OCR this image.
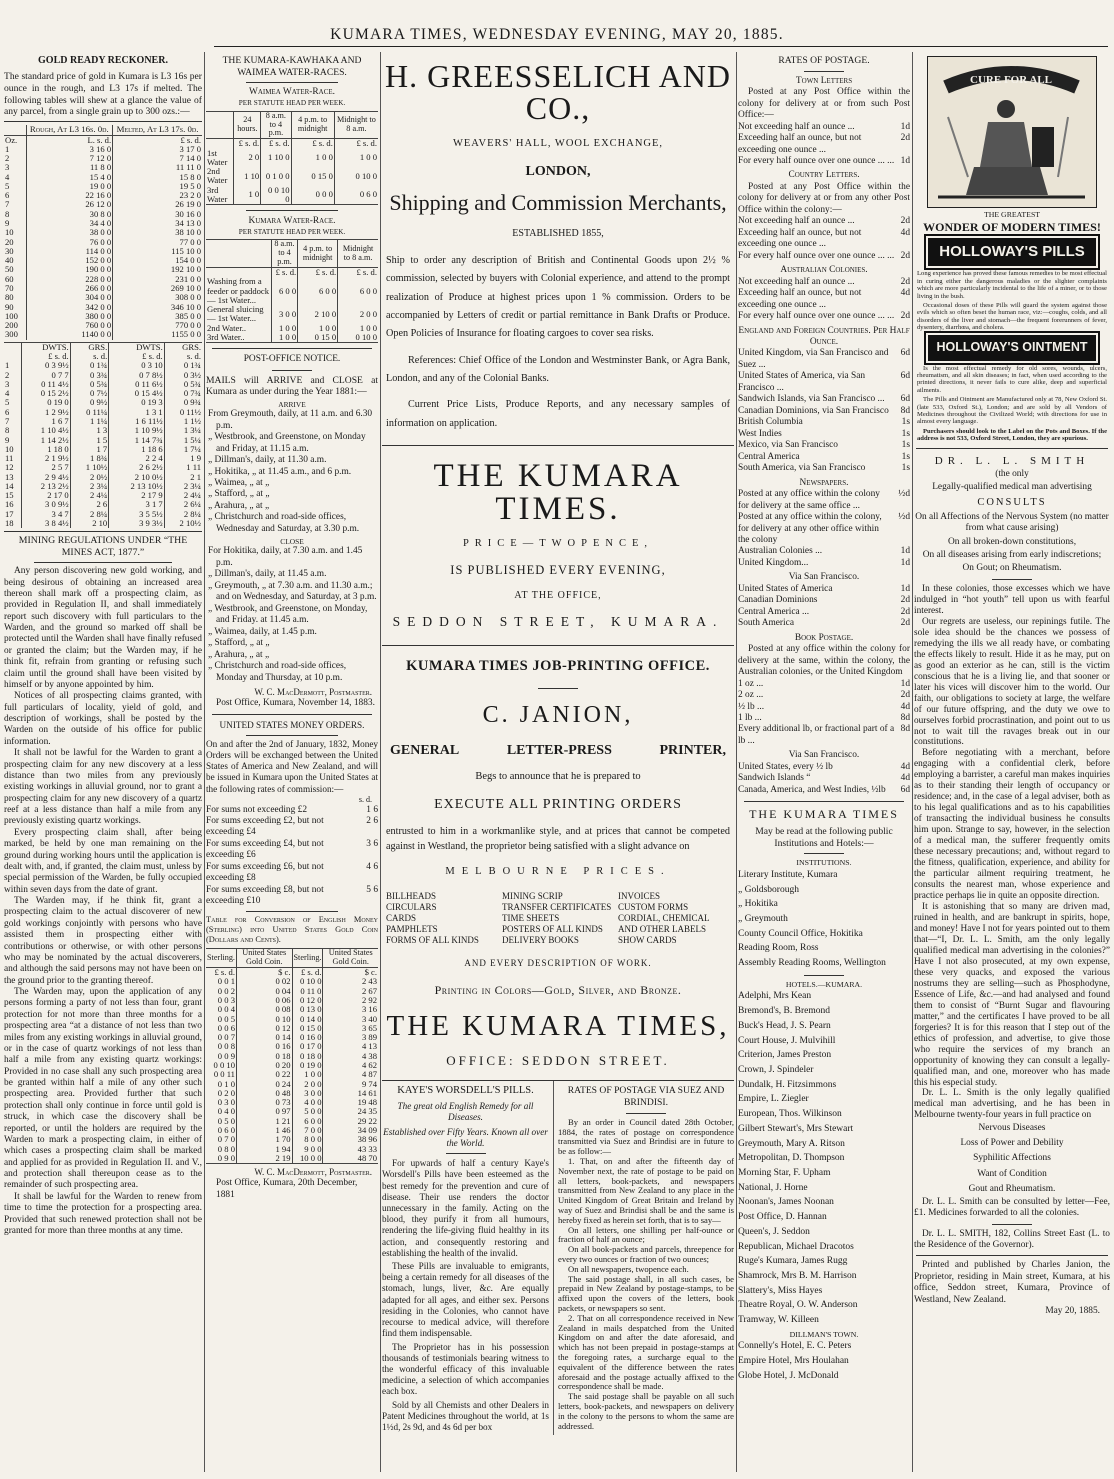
KUMARA TIMES, WEDNESDAY EVENING, MAY 20, 1885.
GOLD READY RECKONER.
The standard price of gold in Kumara is L3 16s per ounce in the rough, and L3 17s if melted. The following tables will shew at a glance the value of any parcel, from a single grain up to 300 ozs.:—
	Rough, At L3 16s. 0d.	Melted, At L3 17s. 0d.
Oz.	L. s. d.	£ s. d.
1	3 16 0	3 17 0
2	7 12 0	7 14 0
3	11 8 0	11 11 0
4	15 4 0	15 8 0
5	19 0 0	19 5 0
6	22 16 0	23 2 0
7	26 12 0	26 19 0
8	30 8 0	30 16 0
9	34 4 0	34 13 0
10	38 0 0	38 10 0
20	76 0 0	77 0 0
30	114 0 0	115 10 0
40	152 0 0	154 0 0
50	190 0 0	192 10 0
60	228 0 0	231 0 0
70	266 0 0	269 10 0
80	304 0 0	308 0 0
90	342 0 0	346 10 0
100	380 0 0	385 0 0
200	760 0 0	770 0 0
300	1140 0 0	1155 0 0
	DWTS.	GRS.	DWTS.	GRS.
	£ s. d.	s. d.	£ s. d.	s. d.
1	0 3 9½	0 1¾	0 3 10	0 1¾
2	0 7 7	0 3¾	0 7 8½	0 3½
3	0 11 4½	0 5¾	0 11 6½	0 5¾
4	0 15 2½	0 7½	0 15 4½	0 7¾
5	0 19 0	0 9½	0 19 3	0 9¾
6	1 2 9½	0 11¼	1 3 1	0 11½
7	1 6 7	1 1¼	1 6 11½	1 1½
8	1 10 4½	1 3	1 10 9½	1 3¼
9	1 14 2½	1 5	1 14 7¾	1 5¼
10	1 18 0	1 7	1 18 6	1 7¼
11	2 1 9½	1 8¾	2 2 4	1 9
12	2 5 7	1 10½	2 6 2½	1 11
13	2 9 4½	2 0½	2 10 0½	2 1
14	2 13 2½	2 3¼	2 13 10½	2 3¼
15	2 17 0	2 4¼	2 17 9	2 4¼
16	3 0 9½	2 6	3 1 7	2 6¼
17	3 4 7	2 8¼	3 5 5½	2 8¼
18	3 8 4½	2 10	3 9 3½	2 10½
MINING REGULATIONS UNDER “THE MINES ACT, 1877.”
Any person discovering new gold working, and being desirous of obtaining an increased area thereon shall mark off a prospecting claim, as provided in Regulation II, and shall immediately report such discovery with full particulars to the Warden, and the ground so marked off shall be protected until the Warden shall have finally refused or granted the claim; but the Warden may, if he think fit, refrain from granting or refusing such claim until the ground shall have been visited by himself or by anyone appointed by him.
Notices of all prospecting claims granted, with full particulars of locality, yield of gold, and description of workings, shall be posted by the Warden on the outside of his office for public information.
It shall not be lawful for the Warden to grant a prospecting claim for any new discovery at a less distance than two miles from any previously existing workings in alluvial ground, nor to grant a prospecting claim for any new discovery of a quartz reef at a less distance than half a mile from any previously existing quartz workings.
Every prospecting claim shall, after being marked, be held by one man remaining on the ground during working hours until the application is dealt with, and, if granted, the claim must, unless by special permission of the Warden, be fully occupied within seven days from the date of grant.
The Warden may, if he think fit, grant a prospecting claim to the actual discoverer of new gold workings conjointly with persons who have assisted them in prospecting either with contributions or otherwise, or with other persons who may be nominated by the actual discoverers, and although the said persons may not have been on the ground prior to the granting thereof.
The Warden may, upon the application of any persons forming a party of not less than four, grant protection for not more than three months for a prospecting area “at a distance of not less than two miles from any existing workings in alluvial ground, or in the case of quartz workings of not less than half a mile from any existing quartz workings: Provided in no case shall any such prospecting area be granted within half a mile of any other such prospecting area. Provided further that such protection shall only continue in force until gold is struck, in which case the discovery shall be reported, or until the holders are required by the Warden to mark a prospecting claim, in either of which cases a prospecting claim shall be marked and applied for as provided in Regulation II. and V., and protection shall thereupon cease as to the remainder of such prospecting area.
It shall be lawful for the Warden to renew from time to time the protection for a prospecting area. Provided that such renewed protection shall not be granted for more than three months at any time.
THE KUMARA-KAWHAKA AND WAIMEA WATER-RACES.
Waimea Water-Race.
PER STATUTE HEAD PER WEEK.
	24 hours.	8 a.m. to 4 p.m.	4 p.m. to midnight	Midnight to 8 a.m.
	£ s. d.	£ s. d.	£ s. d.	£ s. d.
1st Water	2 0	1 10 0	1 0 0	1 0 0
2nd Water	1 10	0 1 0 0	0 15 0	0 10 0
3rd Water	1 0	0 0 10 0	0 0 0	0 6 0
Kumara Water-Race.
PER STATUTE HEAD PER WEEK.
	8 a.m. to 4 p.m.	4 p.m. to midnight	Midnight to 8 a.m.
	£ s. d.	£ s. d.	£ s. d.
Washing from a feeder or paddock— 1st Water...	6 0 0	6 0 0	6 0 0
General sluicing— 1st Water...	3 0 0	2 10 0	2 0 0
2nd Water..	1 0 0	1 0 0	1 0 0
3rd Water..	1 0 0	0 15 0	0 10 0
POST-OFFICE NOTICE.
MAILS will ARRIVE and CLOSE at Kumara as under during the Year 1881:—
ARRIVE
From Greymouth, daily, at 11 a.m. and 6.30 p.m.
„ Westbrook, and Greenstone, on Monday and Friday, at 11.15 a.m.
„ Dillman's, daily, at 11.30 a.m.
„ Hokitika, „ at 11.45 a.m., and 6 p.m.
„ Waimea, „ at „
„ Stafford, „ at „
„ Arahura, „ at „
„ Christchurch and road-side offices, Wednesday and Saturday, at 3.30 p.m.
CLOSE
For Hokitika, daily, at 7.30 a.m. and 1.45 p.m.
„ Dillman's, daily, at 11.45 a.m.
„ Greymouth, „ at 7.30 a.m. and 11.30 a.m.; and on Wednesday, and Saturday, at 3 p.m.
„ Westbrook, and Greenstone, on Monday, and Friday. at 11.45 a.m.
„ Waimea, daily, at 1.45 p.m.
„ Stafford, „ at „
„ Arahura, „ at „
„ Christchurch and road-side offices, Monday and Thursday, at 10 p.m.
W. C. MacDermott, Postmaster.
Post Office, Kumara, November 14, 1883.
UNITED STATES MONEY ORDERS.
On and after the 2nd of January, 1832, Money Orders will be exchanged between the United States of America and New Zealand, and will be issued in Kumara upon the United States at the following rates of commission:—
s. d.
For sums not exceeding £2	1 6
For sums exceeding £2, but not exceeding £4
2 6
For sums exceeding £4, but not exceeding £6
3 6
For sums exceeding £6, but not exceeding £8
4 6
For sums exceeding £8, but not exceeding £10
5 6
Table for Conversion of English Money (Sterling) into United States Gold Coin (Dollars and Cents).
Sterling.	United States Gold Coin.	Sterling.	United States Gold Coin.
£ s. d.	$ c.	£ s. d.	$ c.
0 0 1	0 02	0 10 0	2 43
0 0 2	0 04	0 11 0	2 67
0 0 3	0 06	0 12 0	2 92
0 0 4	0 08	0 13 0	3 16
0 0 5	0 10	0 14 0	3 40
0 0 6	0 12	0 15 0	3 65
0 0 7	0 14	0 16 0	3 89
0 0 8	0 16	0 17 0	4 13
0 0 9	0 18	0 18 0	4 38
0 0 10	0 20	0 19 0	4 62
0 0 11	0 22	1 0 0	4 87
0 1 0	0 24	2 0 0	9 74
0 2 0	0 48	3 0 0	14 61
0 3 0	0 73	4 0 0	19 48
0 4 0	0 97	5 0 0	24 35
0 5 0	1 21	6 0 0	29 22
0 6 0	1 46	7 0 0	34 09
0 7 0	1 70	8 0 0	38 96
0 8 0	1 94	9 0 0	43 33
0 9 0	2 19	10 0 0	48 70
W. C. MacDermott, Postmaster.
Post Office, Kumara, 20th December, 1881
H. GREESSELICH AND CO.,
WEAVERS' HALL, WOOL EXCHANGE,
LONDON,
Shipping and Commission Merchants,
ESTABLISHED 1855,
Ship to order any description of British and Continental Goods upon 2½ % commission, selected by buyers with Colonial experience, and attend to the prompt realization of Produce at highest prices upon 1 % commission. Orders to be accompanied by Letters of credit or partial remittance in Bank Drafts or Produce. Open Policies of Insurance for floating cargoes to cover sea risks.
References: Chief Office of the London and Westminster Bank, or Agra Bank, London, and any of the Colonial Banks.
Current Price Lists, Produce Reports, and any necessary samples of information on application.
THE KUMARA TIMES.
PRICE—TWOPENCE,
IS PUBLISHED EVERY EVENING,
AT THE OFFICE,
SEDDON STREET, KUMARA.
KUMARA TIMES JOB-PRINTING OFFICE.
C. JANION,
GENERAL	LETTER-PRESS	PRINTER,
Begs to announce that he is prepared to
EXECUTE ALL PRINTING ORDERS
entrusted to him in a workmanlike style, and at prices that cannot be competed against in Westland, the proprietor being satisfied with a slight advance on
MELBOURNE PRICES.
BILLHEADS	MINING SCRIP	INVOICES
CIRCULARS	TRANSFER CERTIFICATES CUSTOM FORMS
CARDS	TIME SHEETS	CORDIAL, CHEMICAL
PAMPHLETS	POSTERS OF ALL KINDS	AND OTHER LABELS
FORMS OF ALL KINDS	DELIVERY BOOKS	SHOW CARDS
AND EVERY DESCRIPTION OF WORK.
Printing in Colors—Gold, Silver, and Bronze.
THE KUMARA TIMES,
OFFICE: SEDDON STREET.
KAYE'S WORSDELL'S PILLS.
The great old English Remedy for all Diseases.
Established over Fifty Years. Known all over the World.
For upwards of half a century Kaye's Worsdell's Pills have been esteemed as the best remedy for the prevention and cure of disease. Their use renders the doctor unnecessary in the family. Acting on the blood, they purify it from all humours, rendering the life-giving fluid healthy in its action, and consequently restoring and establishing the health of the invalid.
These Pills are invaluable to emigrants, being a certain remedy for all diseases of the stomach, lungs, liver, &c. Are equally adapted for all ages, and either sex. Persons residing in the Colonies, who cannot have recourse to medical advice, will therefore find them indispensable.
The Proprietor has in his possession thousands of testimonials bearing witness to the wonderful efficacy of this invaluable medicine, a selection of which accompanies each box.
Sold by all Chemists and other Dealers in Patent Medicines throughout the world, at 1s 1½d, 2s 9d, and 4s 6d per box
RATES OF POSTAGE VIA SUEZ AND BRINDISI.
By an order in Council dated 28th October, 1884, the rates of postage on correspondence transmitted via Suez and Brindisi are in future to be as follow:—
1. That, on and after the fifteenth day of November next, the rate of postage to be paid on all letters, book-packets, and newspapers transmitted from New Zealand to any place in the United Kingdom of Great Britain and Ireland by way of Suez and Brindisi shall be and the same is hereby fixed as herein set forth, that is to say—
On all letters, one shilling per half-ounce or fraction of half an ounce;
On all book-packets and parcels, threepence for every two ounces or fraction of two ounces;
On all newspapers, twopence each.
The said postage shall, in all such cases, be prepaid in New Zealand by postage-stamps, to be affixed upon the covers of the letters, book packets, or newspapers so sent.
2. That on all correspondence received in New Zealand in mails despatched from the United Kingdom on and after the date aforesaid, and which has not been prepaid in postage-stamps at the foregoing rates, a surcharge equal to the equivalent of the difference between the rates aforesaid and the postage actually affixed to the correspondence shall be made.
The said postage shall be payable on all such letters, book-packets, and newspapers on delivery in the colony to the persons to whom the same are addressed.
RATES OF POSTAGE.
Town Letters
Posted at any Post Office within the colony for delivery at or from such Post Office:—
Not exceeding half an ounce ...	1d
Exceeding half an ounce, but not exceeding one ounce ...
2d
For every half ounce over one ounce ... ... 1d
Country Letters.
Posted at any Post Office within the colony for delivery at or from any other Post Office within the colony:—
Not exceeding half an ounce ...	2d
Exceeding half an ounce, but not exceeding one ounce ...
4d
For every half ounce over one ounce ... ... 2d
Australian Colonies.
Not exceeding half an ounce ...	2d
Exceeding half an ounce, but not exceeding one ounce ...
4d
For every half ounce over one ounce ... ... 2d
England and Foreign Countries. Per Half Ounce.
United Kingdom, via San Francisco and Suez ...
6d
United States of America, via San Francisco ...
6d
Sandwich Islands, via San Francisco ...	6d
Canadian Dominions, via San Francisco	8d
British Columbia	1s
West Indies	1s
Mexico, via San Francisco	1s
Central America	1s
South America, via San Francisco	1s
Newspapers.
Posted at any office within the colony for delivery at the same office ...
½d
Posted at any office within the colony, for delivery at any other office within the colony
½d
Australian Colonies ...	1d
United Kingdom...	1d
Via San Francisco.
United States of America	1d
Canadian Dominions	2d
Central America ...	2d
South America	2d
Book Postage.
Posted at any office within the colony for delivery at the same, within the colony, the Australian colonies, or the United Kingdom
1 oz ...	1d
2 oz ...	2d
½ lb ...	4d
1 lb ...	8d
Every additional lb, or fractional part of a lb ...
8d
Via San Francisco.
United States, every ½ lb	4d
Sandwich Islands “	4d
Canada, America, and West Indies, ½lb	6d
THE KUMARA TIMES
May be read at the following public Institutions and Hotels:—
INSTITUTIONS.
Literary Institute, Kumara
„ Goldsborough
„ Hokitika
„ Greymouth
County Council Office, Hokitika
Reading Room, Ross
Assembly Reading Rooms, Wellington
HOTELS.—KUMARA.
Adelphi, Mrs Kean
Bremond's, B. Bremond
Buck's Head, J. S. Pearn
Court House, J. Mulvihill
Criterion, James Preston
Crown, J. Spindeler
Dundalk, H. Fitzsimmons
Empire, L. Ziegler
European, Thos. Wilkinson
Gilbert Stewart's, Mrs Stewart
Greymouth, Mary A. Ritson
Metropolitan, D. Thompson
Morning Star, F. Upham
National, J. Horne
Noonan's, James Noonan
Post Office, D. Hannan
Queen's, J. Seddon
Republican, Michael Dracotos
Ruge's Kumara, James Rugg
Shamrock, Mrs B. M. Harrison
Slattery's, Miss Hayes
Theatre Royal, O. W. Anderson
Tramway, W. Killeen
DILLMAN'S TOWN.
Connelly's Hotel, E. C. Peters
Empire Hotel, Mrs Houlahan
Globe Hotel, J. McDonald
CURE FOR ALL
THE GREATEST
WONDER OF MODERN TIMES!
HOLLOWAY'S PILLS
Long experience has proved these famous remedies to be most effectual in curing either the dangerous maladies or the slighter complaints which are more particularly incidental to the life of a miner, or to those living in the bush.
Occasional doses of these Pills will guard the system against those evils which so often beset the human race, viz:—coughs, colds, and all disorders of the liver and stomach—the frequent forerunners of fever, dysentery, diarrhœa, and cholera.
HOLLOWAY'S OINTMENT
Is the most effectual remedy for old sores, wounds, ulcers, rheumatism, and all skin diseases; in fact, when used according to the printed directions, it never fails to cure alike, deep and superficial ailments.
The Pills and Ointment are Manufactured only at 78, New Oxford St. (late 533, Oxford St.), London; and are sold by all Vendors of Medicines throughout the Civilized World; with directions for use in almost every language.
Purchasers should look to the Label on the Pots and Boxes. If the address is not 533, Oxford Street, London, they are spurious.
DR. L. L. SMITH
(the only
Legally-qualified medical man advertising
CONSULTS
On all Affections of the Nervous System (no matter from what cause arising)
On all broken-down constitutions,
On all diseases arising from early indiscretions;
On Gout; on Rheumatism.
In these colonies, those excesses which we have indulged in “hot youth” tell upon us with fearful interest.
Our regrets are useless, our repinings futile. The sole idea should be the chances we possess of remedying the ills we all ready have, or combating the effects likely to result. Hide it as he may, put on as good an exterior as he can, still is the victim conscious that he is a living lie, and that sooner or later his vices will discover him to the world. Our faith, our obligations to society at large, the welfare of our future offspring, and the duty we owe to ourselves forbid procrastination, and point out to us not to wait till the ravages break out in our constitutions.
Before negotiating with a merchant, before engaging with a confidential clerk, before employing a barrister, a careful man makes inquiries as to their standing their length of occupancy or residence; and, in the case of a legal adviser, both as to his legal qualifications and as to his capabilities of transacting the individual business he consults him upon. Strange to say, however, in the selection of a medical man, the sufferer frequently omits these necessary precautions; and, without regard to the fitness, qualification, experience, and ability for the particular ailment requiring treatment, he consults the nearest man, whose experience and practice perhaps lie in quite an opposite direction.
It is astonishing that so many are driven mad, ruined in health, and are bankrupt in spirits, hope, and money! Have I not for years pointed out to them that—“I, Dr. L. L. Smith, am the only legally qualified medical man advertising in the colonies?” Have I not also prosecuted, at my own expense, these very quacks, and exposed the various nostrums they are selling—such as Phosphodyne, Essence of Life, &c.—and had analysed and found them to consist of “Burnt Sugar and flavouring matter,” and the certificates I have proved to be all forgeries? It is for this reason that I step out of the ethics of profession, and advertise, to give those who require the services of my branch an opportunity of knowing they can consult a legally-qualified man, and one, moreover who has made this his especial study.
Dr. L. L. Smith is the only legally qualified medical man advertising, and he has been in Melbourne twenty-four years in full practice on
Nervous Diseases
Loss of Power and Debility
Syphilitic Affections
Want of Condition
Gout and Rheumatism.
Dr. L. L. Smith can be consulted by letter—Fee, £1. Medicines forwarded to all the colonies.
Dr. L. L. SMITH, 182, Collins Street East (L. to the Residence of the Governor).
Printed and published by Charles Janion, the Proprietor, residing in Main street, Kumara, at his office, Seddon street, Kumara, Province of Westland, New Zealand.
May 20, 1885.
